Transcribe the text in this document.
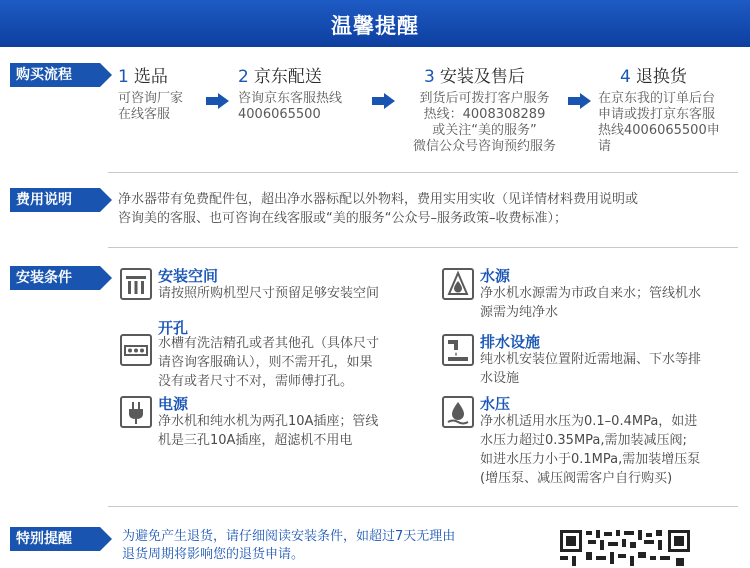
温馨提醒
购买流程	1 选品
可咨询厂家
在线客服
2 京东配送
咨询京东客服热线
4006065500
3 安装及售后
到货后可拨打客户服务
热线：4008308289
或关注“美的服务”
微信公众号咨询预约服务
4 退换货
在京东我的订单后台
申请或拨打京东客服
热线4006065500申
请
费用说明	净水器带有免费配件包，超出净水器标配以外物料，费用实用实收（见详情材料费用说明或
咨询美的客服、也可咨询在线客服或“美的服务“公众号–服务政策–收费标准）；
安装条件	安装空间
请按照所购机型尺寸预留足够安装空间
开孔
水槽有洗洁精孔或者其他孔（具体尺寸
请咨询客服确认），则不需开孔，如果
没有或者尺寸不对，需师傅打孔。
电源
净水机和纯水机为两孔10A插座；管线
机是三孔10A插座，超滤机不用电
水源
净水机水源需为市政自来水；管线机水
源需为纯净水
排水设施
纯水机安装位置附近需地漏、下水等排
水设施
水压
净水机适用水压为0.1–0.4MPa，如进
水压力超过0.35MPa,需加装减压阀;
如进水压力小于0.1MPa,需加装增压泵
(增压泵、减压阀需客户自行购买)
特别提醒	为避免产生退货，请仔细阅读安装条件，如超过7天无理由
退货周期将影响您的退货申请。
